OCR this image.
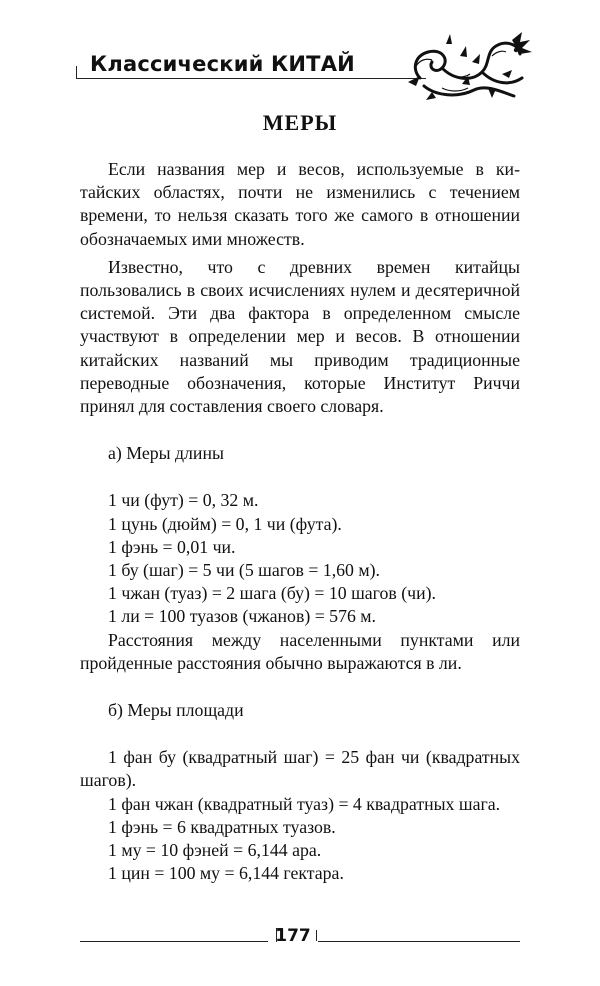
Классический КИТАЙ
МЕРЫ

Если названия мер и весов, используемые в китайских областях, почти не изменились с течением времени, то нельзя сказать того же самого в отношении обозначаемых ими множеств.

Известно, что с древних времен китайцы пользовались в своих исчислениях нулем и десятеричной системой. Эти два фактора в определенном смысле участвуют в определении мер и весов. В отношении китайских названий мы приводим традиционные переводные обозначения, которые Институт Риччи принял для составления своего словаря.

а) Меры длины

1 чи (фут) = 0, 32 м.
1 цунь (дюйм) = 0, 1 чи (фута).
1 фэнь = 0,01 чи.
1 бу (шаг) = 5 чи (5 шагов = 1,60 м).
1 чжан (туаз) = 2 шага (бу) = 10 шагов (чи).
1 ли = 100 туазов (чжанов) = 576 м.

Расстояния между населенными пунктами или пройденные расстояния обычно выражаются в ли.

б) Меры площади

1 фан бу (квадратный шаг) = 25 фан чи (квадратных шагов).
1 фан чжан (квадратный туаз) = 4 квадратных шага.
1 фэнь = 6 квадратных туазов.
1 му = 10 фэней = 6,144 ара.
1 цин = 100 му = 6,144 гектара.
177
